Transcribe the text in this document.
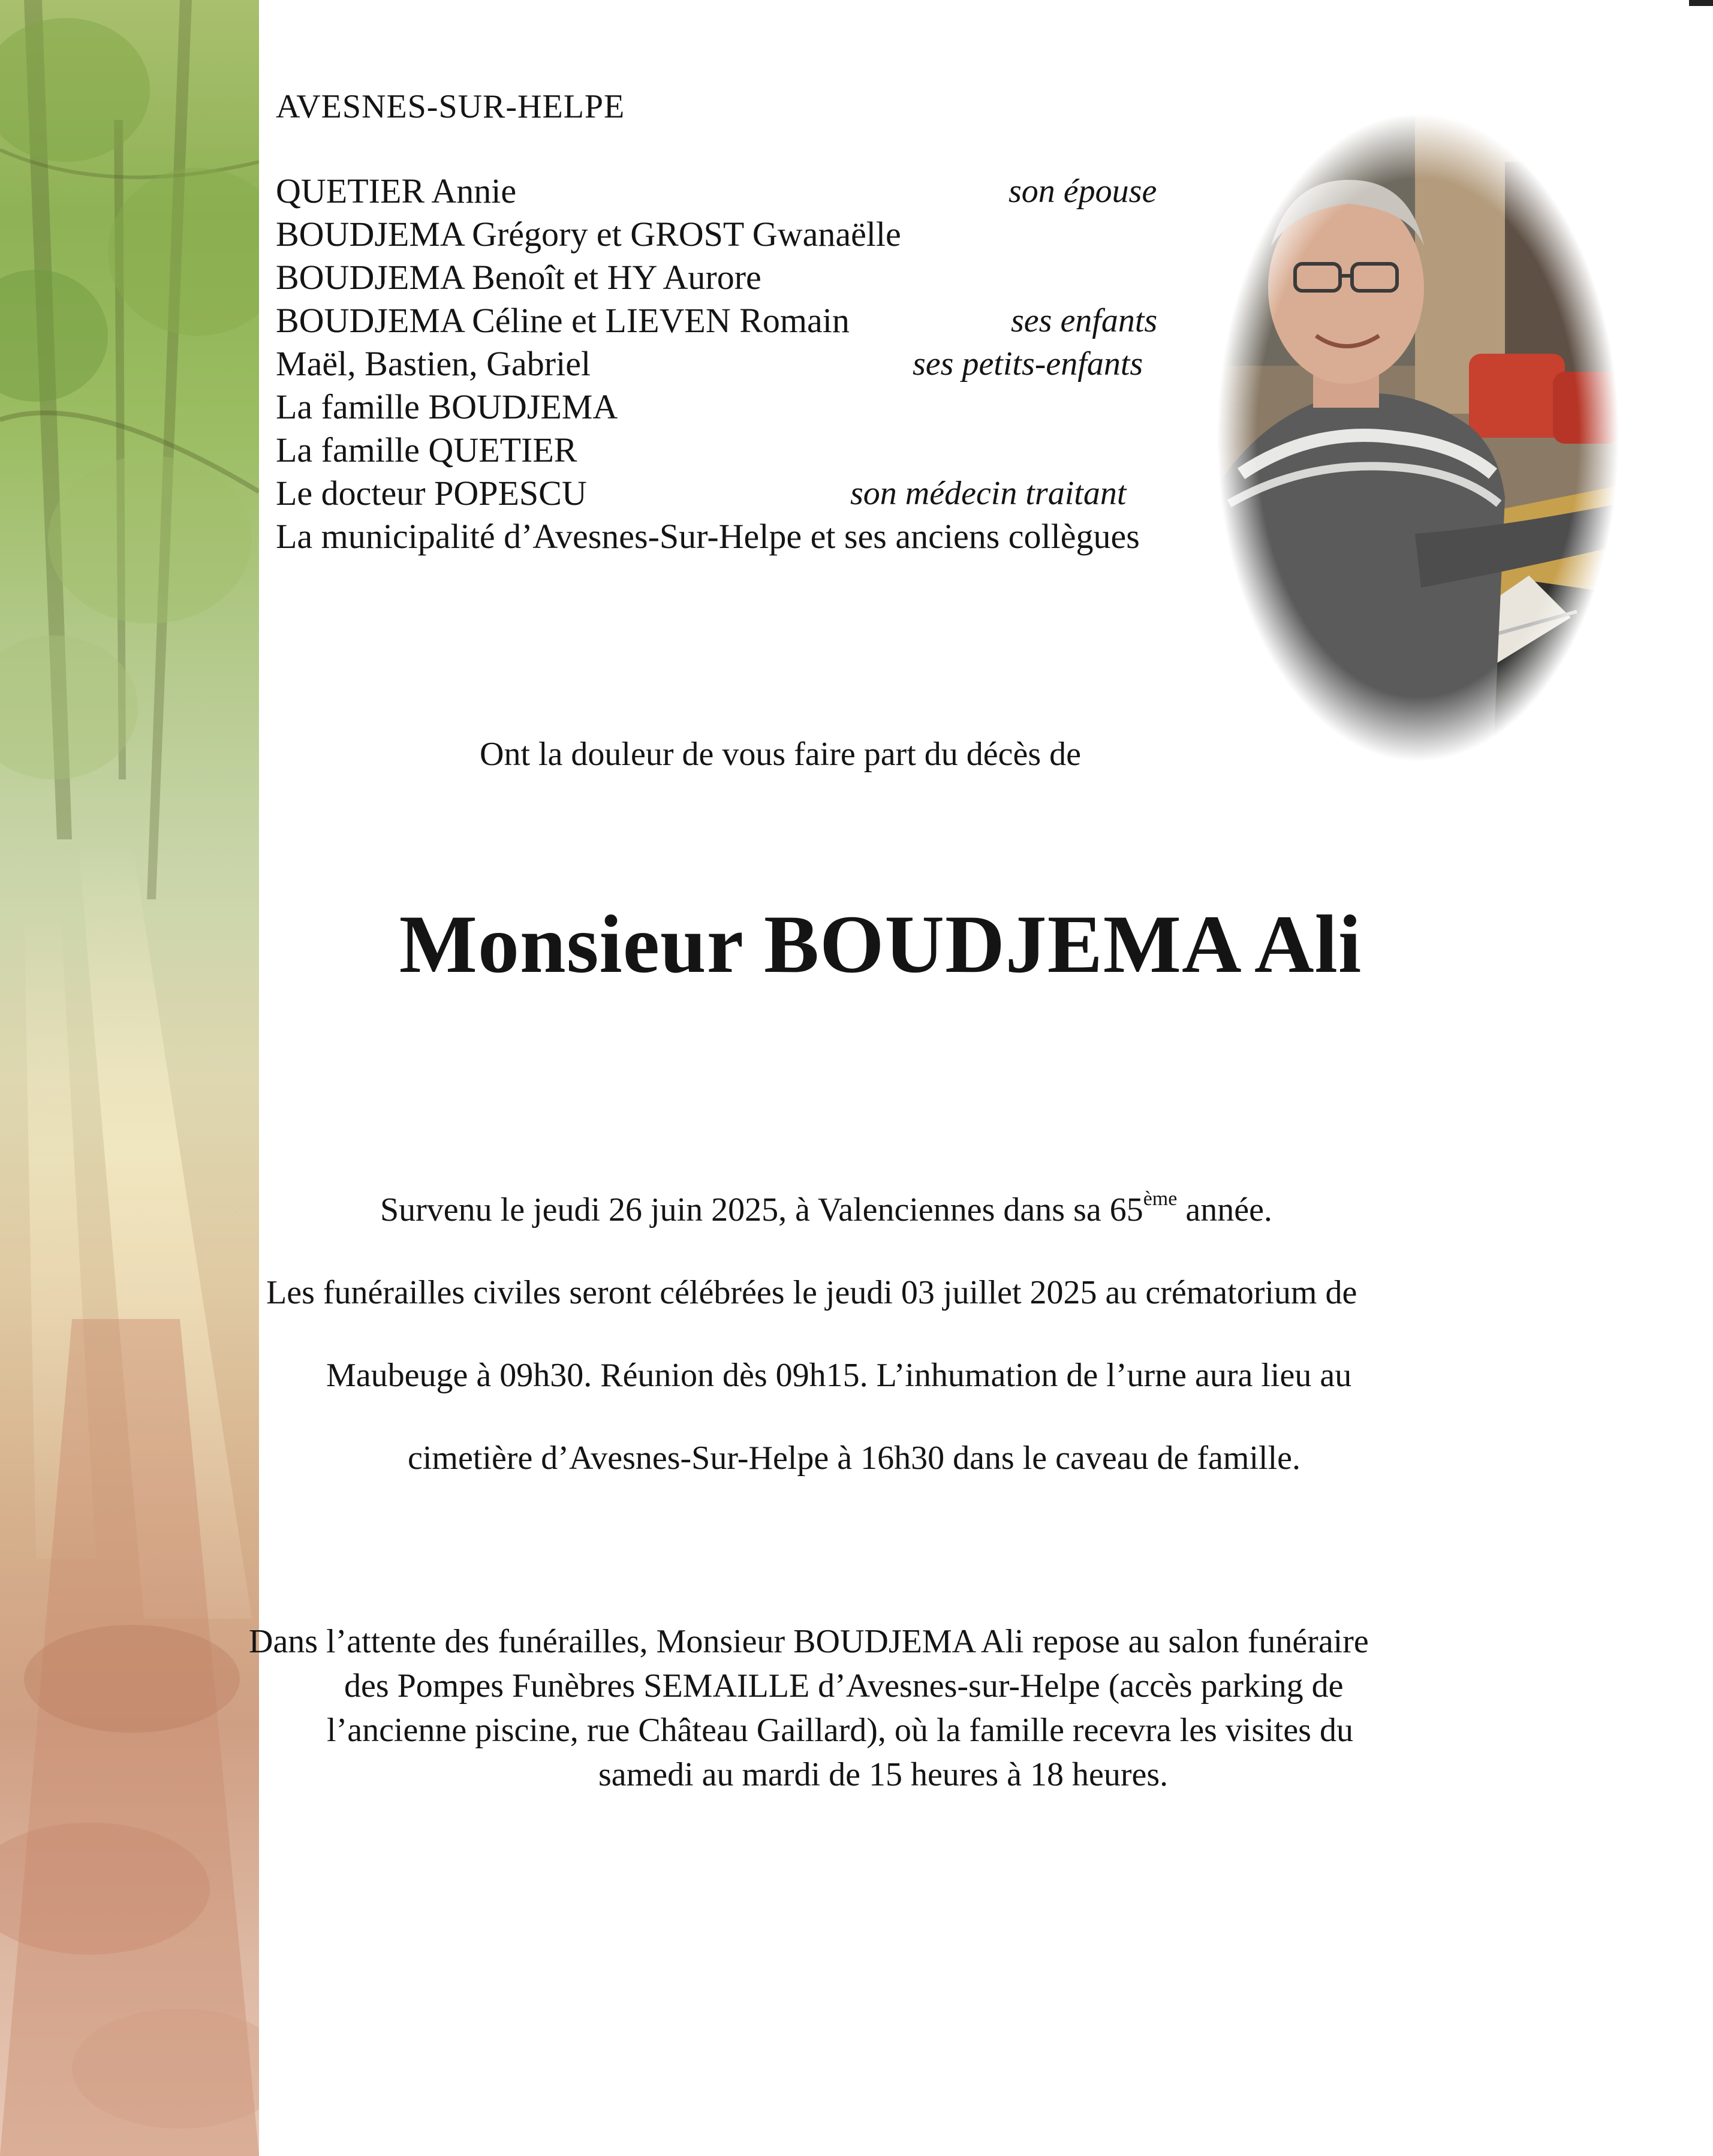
AVESNES-SUR-HELPE
QUETIER Annie	son épouse
BOUDJEMA Grégory et GROST Gwanaëlle
BOUDJEMA Benoît et HY Aurore
BOUDJEMA Céline et LIEVEN Romain	ses enfants
Maël, Bastien, Gabriel	ses petits-enfants
La famille BOUDJEMA
La famille QUETIER
Le docteur POPESCU	son médecin traitant
La municipalité d’Avesnes-Sur-Helpe et ses anciens collègues
Ont la douleur de vous faire part du décès de
Monsieur BOUDJEMA Ali
Survenu le jeudi 26 juin 2025, à Valenciennes dans sa 65ème année.
Les funérailles civiles seront célébrées le jeudi 03 juillet 2025 au crématorium de
Maubeuge à 09h30. Réunion dès 09h15. L’inhumation de l’urne aura lieu au
cimetière d’Avesnes-Sur-Helpe à 16h30 dans le caveau de famille.
Dans l’attente des funérailles, Monsieur BOUDJEMA Ali repose au salon funéraire
des Pompes Funèbres SEMAILLE d’Avesnes-sur-Helpe (accès parking de
l’ancienne piscine, rue Château Gaillard), où la famille recevra les visites du
samedi au mardi de 15 heures à 18 heures.
